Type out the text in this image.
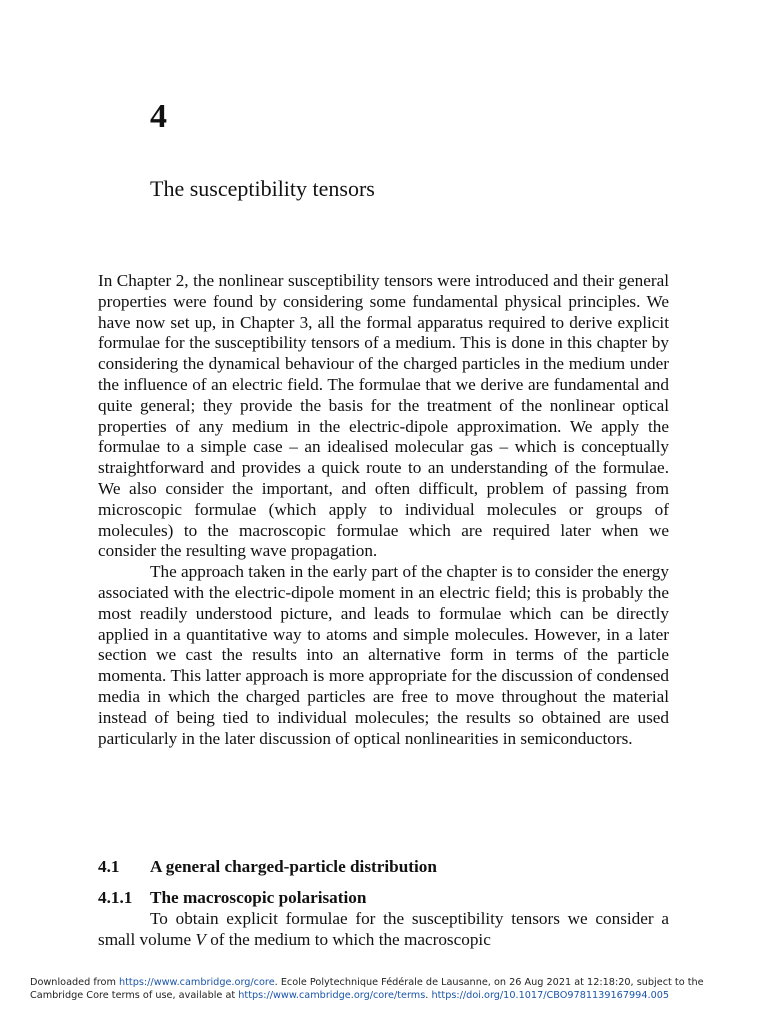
4
The susceptibility tensors

In Chapter 2, the nonlinear susceptibility tensors were introduced and their general properties were found by considering some fundamental physical principles. We have now set up, in Chapter 3, all the formal apparatus required to derive explicit formulae for the susceptibility tensors of a medium. This is done in this chapter by considering the dynamical behaviour of the charged particles in the medium under the influence of an electric field. The formulae that we derive are fundamental and quite general; they provide the basis for the treatment of the nonlinear optical properties of any medium in the electric-dipole approximation. We apply the formulae to a simple case – an idealised molecular gas – which is conceptually straightforward and provides a quick route to an understanding of the formulae. We also consider the important, and often difficult, problem of passing from microscopic formulae (which apply to individual molecules or groups of molecules) to the macroscopic formulae which are required later when we consider the resulting wave propagation.

The approach taken in the early part of the chapter is to consider the energy associated with the electric-dipole moment in an electric field; this is probably the most readily understood picture, and leads to formulae which can be directly applied in a quantitative way to atoms and simple molecules. However, in a later section we cast the results into an alternative form in terms of the particle momenta. This latter approach is more appropriate for the discussion of condensed media in which the charged particles are free to move throughout the material instead of being tied to individual molecules; the results so obtained are used particularly in the later discussion of optical nonlinearities in semiconductors.

4.1 A general charged-particle distribution
4.1.1 The macroscopic polarisation
To obtain explicit formulae for the susceptibility tensors we consider a small volume V of the medium to which the macroscopic
Downloaded from https://www.cambridge.org/core. Ecole Polytechnique Fédérale de Lausanne, on 26 Aug 2021 at 12:18:20, subject to the Cambridge Core terms of use, available at https://www.cambridge.org/core/terms. https://doi.org/10.1017/CBO9781139167994.005
